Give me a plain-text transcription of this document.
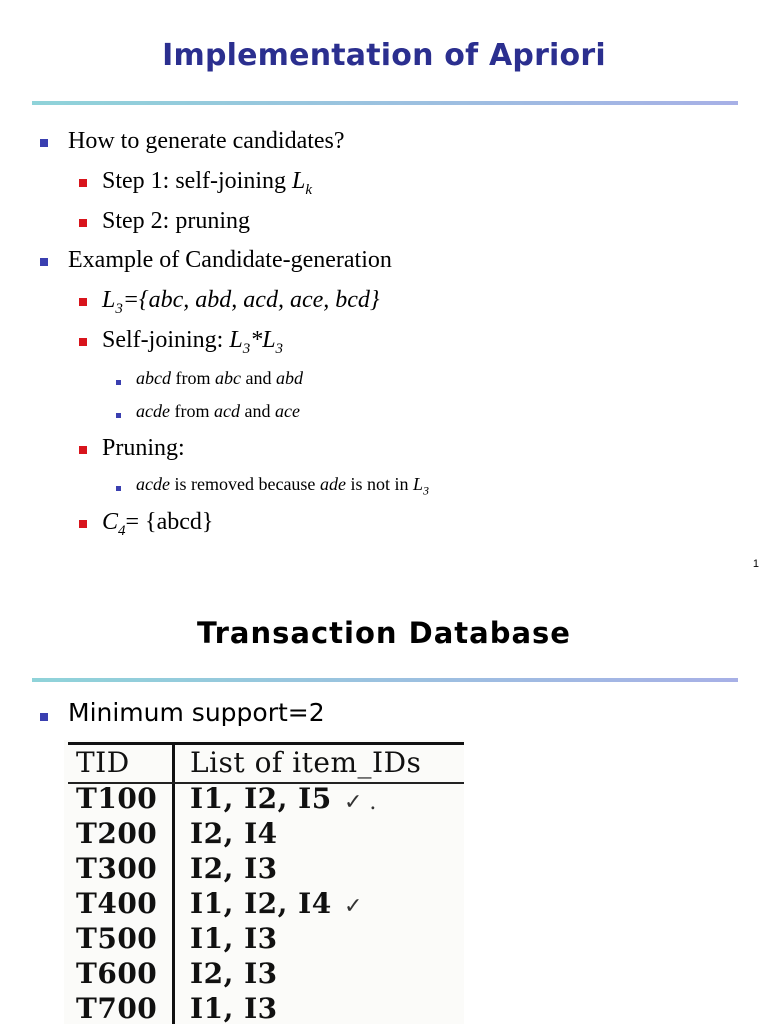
Implementation of Apriori
How to generate candidates?
Step 1: self-joining $L_k$
Step 2: pruning
Example of Candidate-generation
$L_3=\{abc$, abd, acd, ace, bcd}
Self-joining: $L_3*L_3$
abcd from abc and abd
acde from acd and ace
Pruning:
acde is removed because ade is not in $L_3$
$C_4=$ {abcd}
1
Transaction Database
Minimum support=2
TID List of item_IDs
T100 I1, I2, I5 ✓ .
T200 I2, I4
T300 I2, I3
T400 I1, I2, I4 ✓
T500 I1, I3
T600 I2, I3
T700 I1, I3
